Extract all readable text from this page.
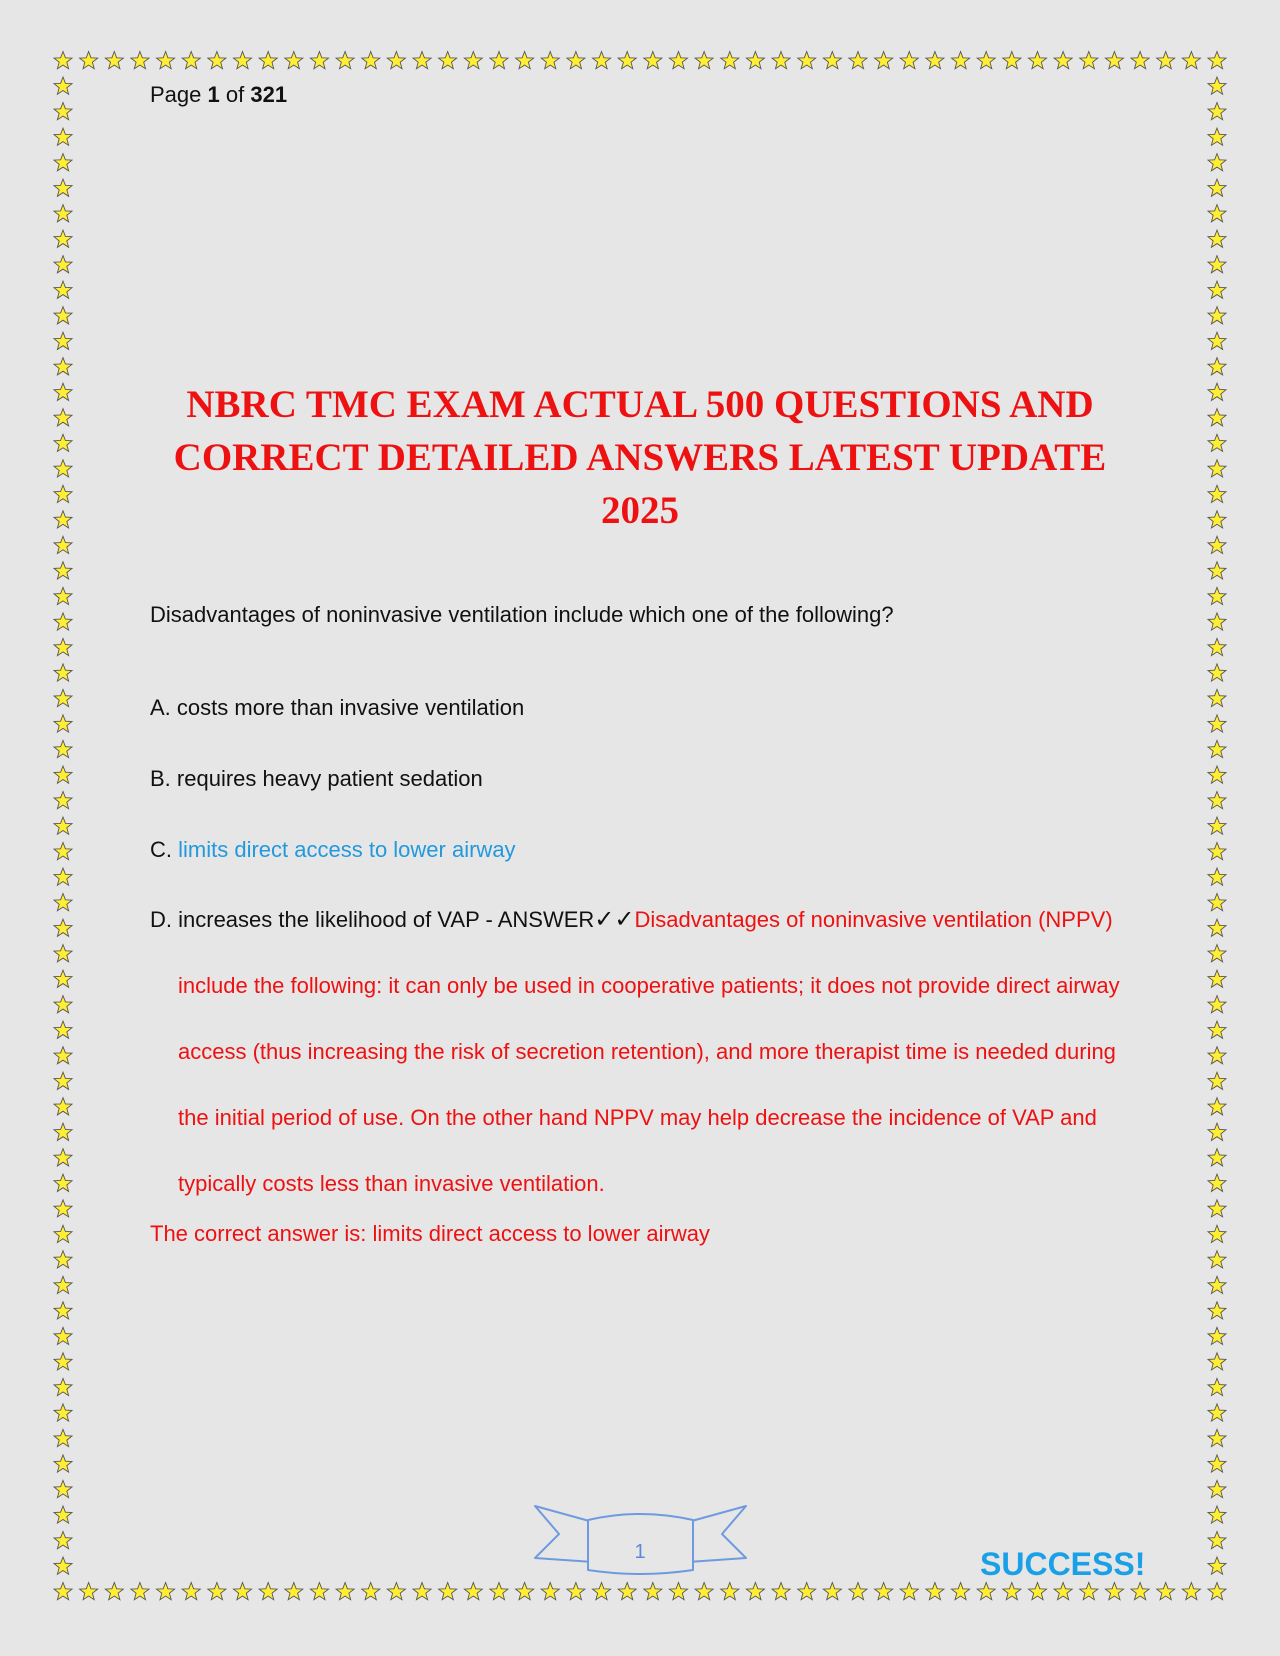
Page 1 of 321
NBRC TMC EXAM ACTUAL 500 QUESTIONS AND
CORRECT DETAILED ANSWERS LATEST UPDATE
2025

Disadvantages of noninvasive ventilation include which one of the following?

A.
costs more than invasive ventilation
B.
requires heavy patient sedation
C.
limits direct access to lower airway

D. increases the likelihood of VAP - ANSWER✓✓Disadvantages of noninvasive ventilation (NPPV) include the following: it can only be used in cooperative patients; it does not provide direct airway access (thus increasing the risk of secretion retention), and more therapist time is needed during the initial period of use. On the other hand NPPV may help decrease the incidence of VAP and typically costs less than invasive ventilation.

The correct answer is: limits direct access to lower airway

1	SUCCESS!
